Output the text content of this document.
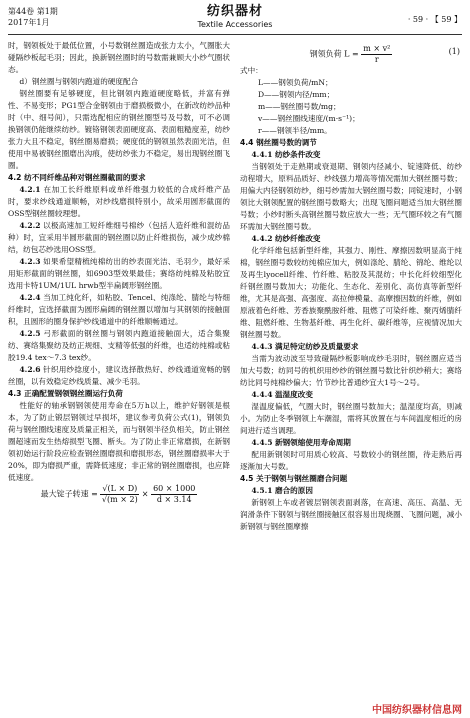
第44卷 第1期
2017年1月
纺织器材
Textile Accessories
· 59 · 【 59 】

时，钢领板处于最低位置，小号数钢丝圈造成张力太小，气圈胀大碰隔纱板起毛羽；因此，换新钢丝圈时的号数需兼顾大小纱气圈状态。

d）钢丝圈与钢领内跑道的硬度配合

钢丝圈要有足够硬度，但比钢领内跑道硬度略低，并富有弹性、不易变形；PG1型合金钢领由于磨损极微小，在新改纺纱品种时（中、细号间），只需选配相应的钢丝圈型号及号数，可不必调换钢领仍能继续纺纱。镀铬钢领表面硬度高、表面粗糙度差，纺纱张力大且不稳定，钢丝圈易磨损；硬度低的钢领虽然表面光洁，但使用中易被钢丝圈磨出沟痕，使纺纱张力不稳定，易出现钢丝圈飞圈。

4.2 纺不同纤维品种对钢丝圈截面的要求

4.2.1 在加工长纤维原料或单纤维强力较低的合成纤维产品时，要求纱线通道顺畅，对纱线磨损特别小，故采用圆形截面的OSS型钢丝圈较理想。

4.2.2 以极高速加工短纤维细号棉纱（包括人造纤维和混纺品种）时，宜采用半圆形截面的钢丝圈以防止纤维损伤，减少成纱棉结，纺包芯纱选用OSS型。

4.2.3 如果希望精梳纯棉纺出的纱表面光洁、毛羽少，最好采用矩形截面的钢丝圈，如6903型效果最佳；赛络纺纯棉及粘胶宜选用卡特1UM/1UL hrwb型半扁阔形钢丝圈。

4.2.4 当加工纯化纤，如粘胶、Tencel、纯涤纶、腈纶与特细纤维时，宜选择截面为圆形扁阔的钢丝圈以增加与其钢领的接触面积，且圆形的圈身保护纱线通道中的纤维顺畅通过。

4.2.5 弓形截面的钢丝圈与钢领内跑道接触面大，适合集聚纺、赛络集聚纺及纺正规细、支精等低强的纤维，也适纺纯棉或粘胶19.4 tex～7.3 tex纱。

4.2.6 针织用纱捻度小，建议选择散热好、纱线通道宽畅的钢丝圈，以有效稳定纱线质量、减少毛羽。

4.3 正确配置钢领钢丝圈运行负荷

性能好的轴承钢钢领使用寿命在5万h以上，维护好钢领是根本，为了防止锻层钢领过早损坏，建议参考负荷公式(1)，钢领负荷与钢丝圈线速度及质量正相关，而与钢领半径负相关，防止钢丝圈超速而发生热熔损型飞圈、断头。为了防止非正常磨损，在新钢领初始运行阶段应检查钢丝圈磨损和磨损形态，钢丝圈磨损率大于20%，即为磨损严重，需降低速度；非正常的钢丝圈磨损，也应降低速度。

最大锭子转速 = $\frac{√(L \times D)}{√(m \times 2)} \times \frac{60 \times 1000}{d \times 3.14}$
钢领负荷 $L = \frac{\text{m × v²}}{r}$	(1)

式中：

L——钢领负荷/mN；

D——钢领内径/mm；

m——钢丝圈号数/mg；

v——钢丝圈线速度/(m·s⁻¹)；

r——钢领半径/mm。

4.4 钢丝圈号数的调节

4.4.1 纺纱条件改变

当钢领处于走熟期或衰退期、钢领内径减小、锭速降低、纺纱动程增大，原料品质好、纱线强力增高等情况需加大钢丝圈号数；用偏大内径钢领纺纱，细号纱需加大钢丝圈号数；同锭速时，小钢领比大钢领配置的钢丝圈号数略大；出现飞圈问题适当加大钢丝圈号数；小纱时断头高钢丝圈号数应放大一些；无气圈环较之有气圈环需加大钢丝圈号数。

4.4.2 纺纱纤维改变

化学纤维包括新型纤维，其强力、刚性、摩擦因数明显高于纯棉，钢丝圈号数较纺纯棉应加大，例如涤纶、腈纶、锦纶、维纶以及再生lyocell纤维、竹纤维、粘胶及其混纺；中长化纤较细型化纤钢丝圈号数加大；功能化、生态化、差别化、高仿真等新型纤维，尤其是高强、高强度、高拉伸模量、高摩擦因数的纤维，例如原液着色纤维、芳香族聚酰胺纤维、阻燃了可染纤维、聚丙烯腈纤维、阻燃纤维、生物基纤维、再生化纤、碳纤维等，应视情况加大钢丝圈号数。

4.4.3 满足特定纺纱及质量要求

当需为波动波至导致碰隔纱板影响成纱毛羽时，钢丝圈应适当加大号数；纺同号的机织用纱纱的钢丝圈号数比针织纱稍大；赛络纺比同号纯棉纱偏大；竹节纱比普通纱宜大1号～2号。

4.4.4 温湿度改变

湿温度偏低，气圈大时，钢丝圈号数加大；温湿度均高，则减小。为防止冬季钢领上车潮湿，需将其放置在与车间温度相近的房间进行适当调理。

4.4.5 新钢领缩使用寿命周期

配用新钢领时可用质心较高、号数较小的钢丝圈，待走熟后再逐渐加大号数。

4.5 关于钢领与钢丝圈磨合问题

4.5.1 磨合的原因

新钢领上车或者镀层钢领表面剥落，在高速、高压、高温、无润滑条件下钢领与钢丝圈接触区很容易出现烧圈、飞圈问题，减小新钢领与钢丝圈摩擦

中国纺织器材信息网
